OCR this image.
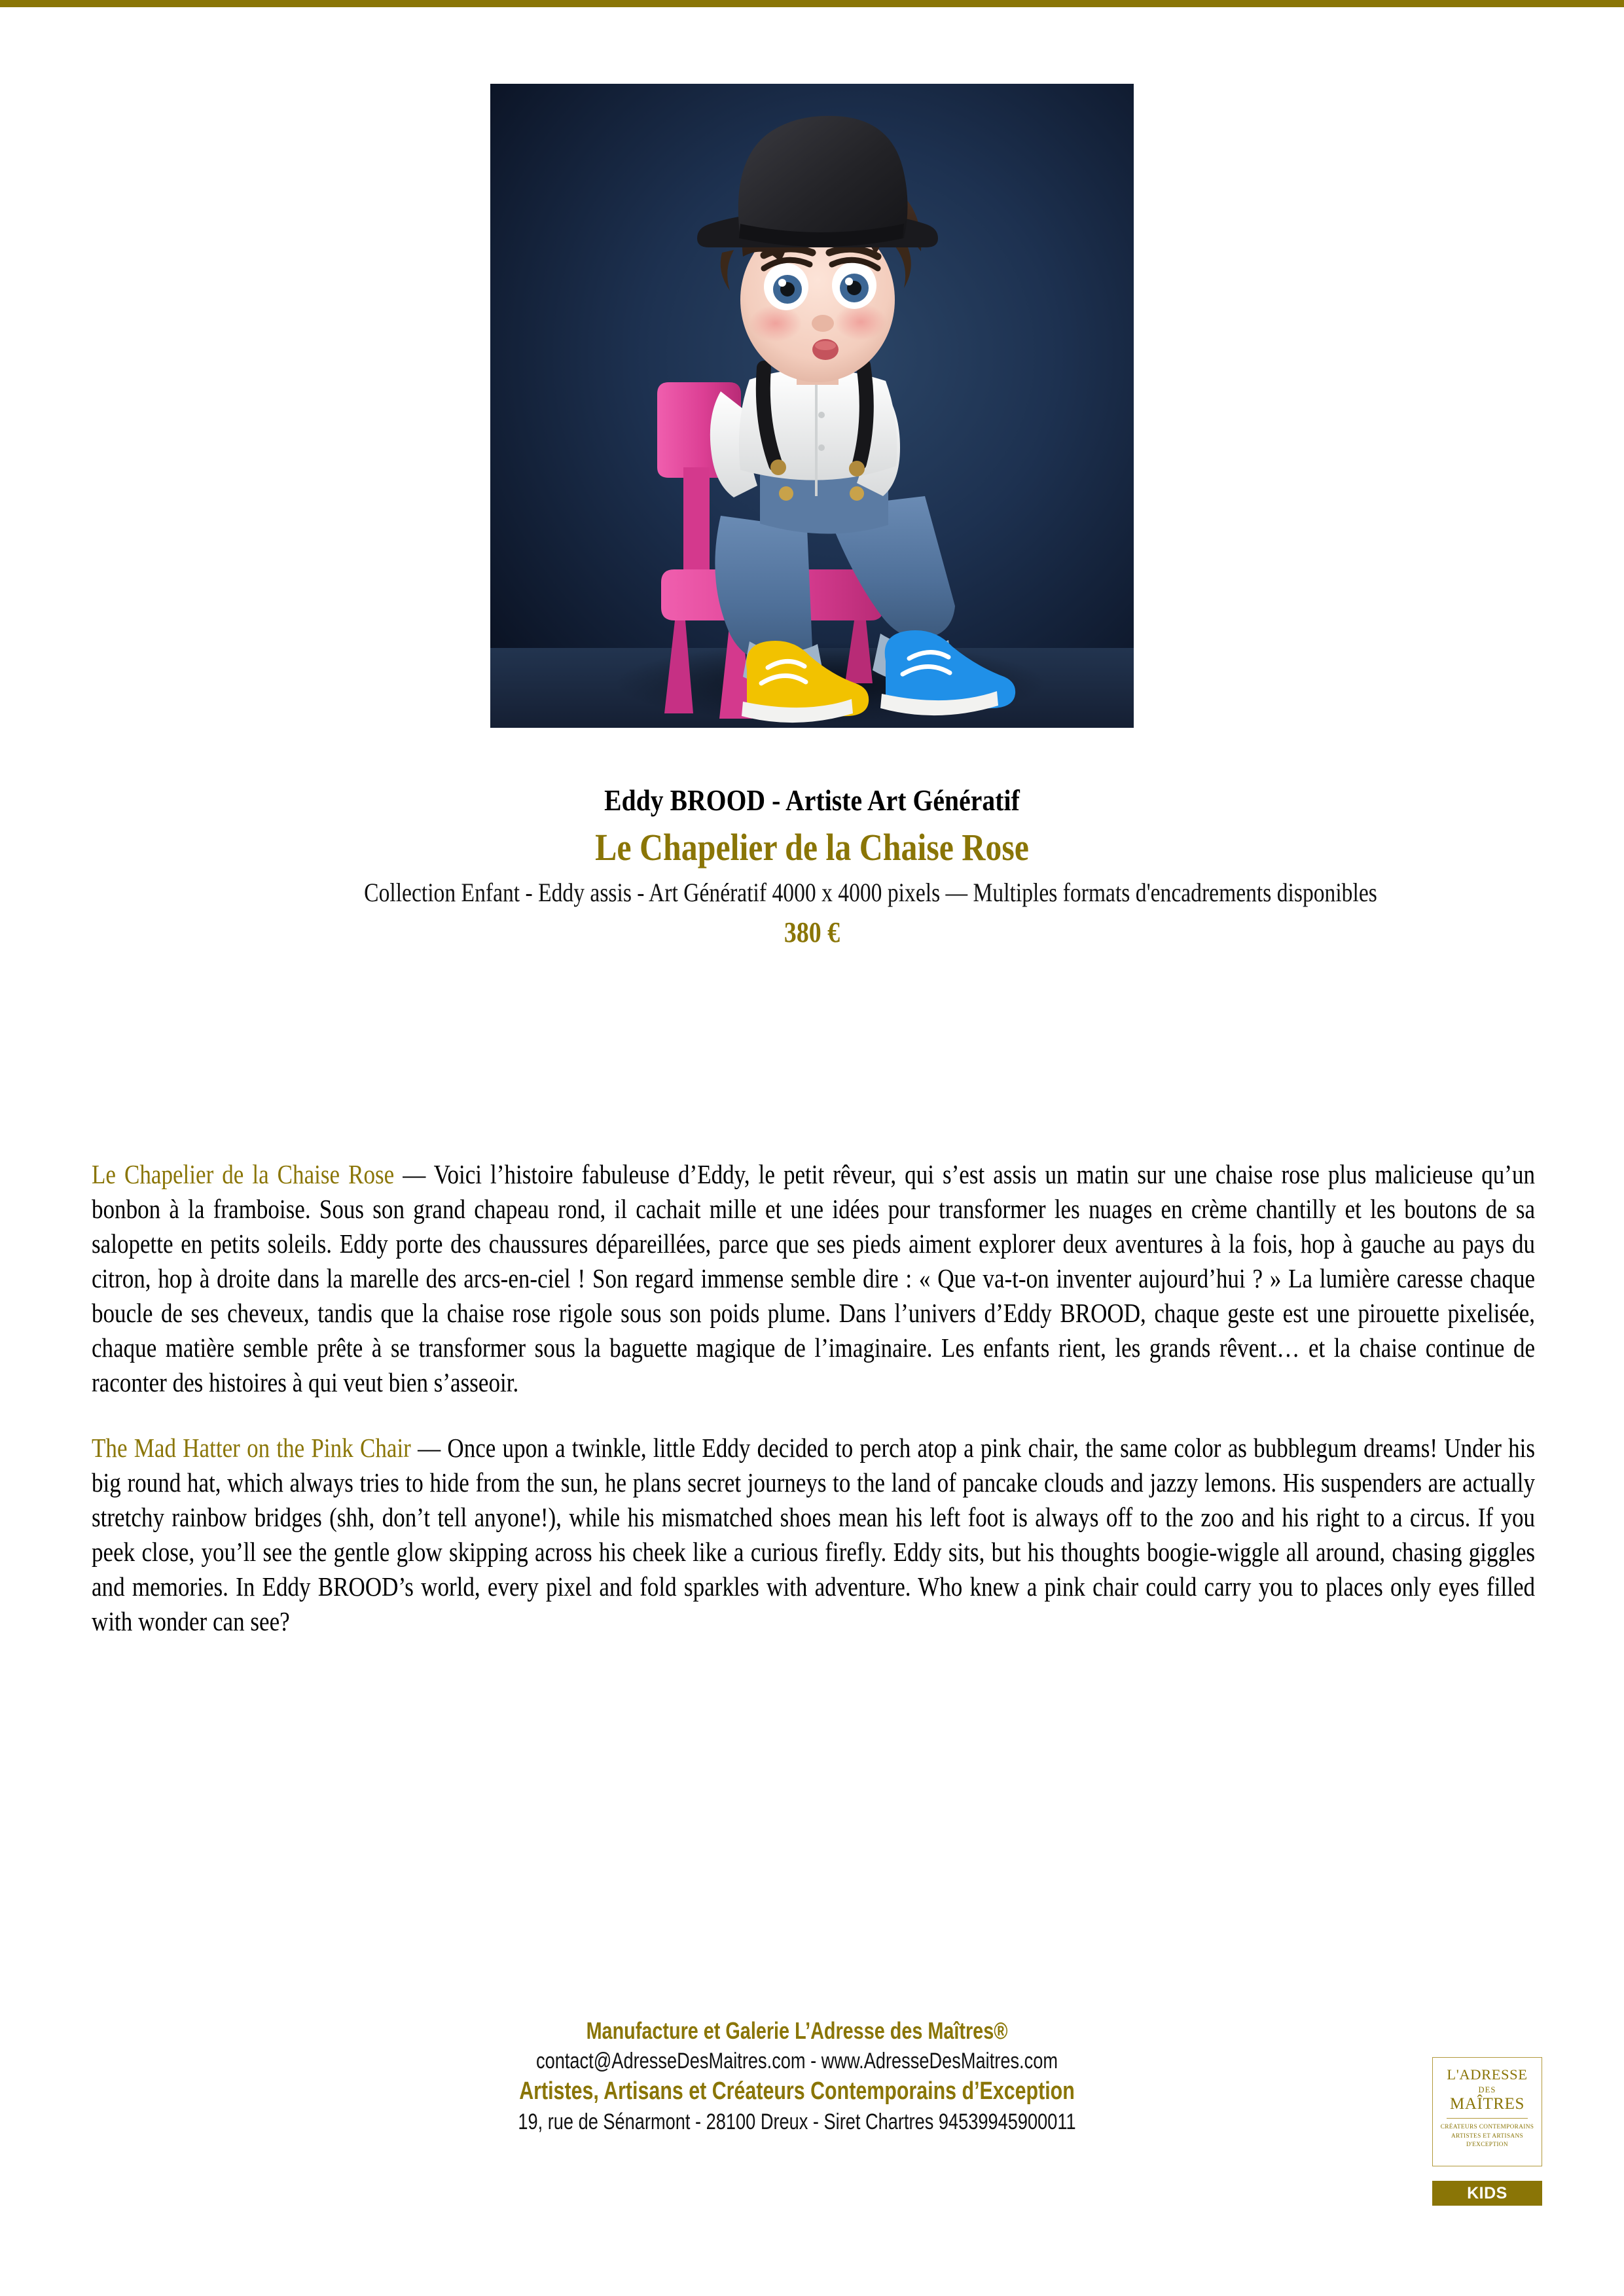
Eddy BROOD - Artiste Art Génératif
Le Chapelier de la Chaise Rose
Collection Enfant - Eddy assis - Art Génératif 4000 x 4000 pixels — Multiples formats d'encadrements disponibles
380 €

Le Chapelier de la Chaise Rose — Voici l’histoire fabuleuse d’Eddy, le petit rêveur, qui s’est assis un matin sur une chaise rose plus malicieuse qu’un bonbon à la framboise. Sous son grand chapeau rond, il cachait mille et une idées pour transformer les nuages en crème chantilly et les boutons de sa salopette en petits soleils. Eddy porte des chaussures dépareillées, parce que ses pieds aiment explorer deux aventures à la fois, hop à gauche au pays du citron, hop à droite dans la marelle des arcs-en-ciel ! Son regard immense semble dire : « Que va-t-on inventer aujourd’hui ? » La lumière caresse chaque boucle de ses cheveux, tandis que la chaise rose rigole sous son poids plume. Dans l’univers d’Eddy BROOD, chaque geste est une pirouette pixelisée, chaque matière semble prête à se transformer sous la baguette magique de l’imaginaire. Les enfants rient, les grands rêvent… et la chaise continue de raconter des histoires à qui veut bien s’asseoir.

The Mad Hatter on the Pink Chair — Once upon a twinkle, little Eddy decided to perch atop a pink chair, the same color as bubblegum dreams! Under his big round hat, which always tries to hide from the sun, he plans secret journeys to the land of pancake clouds and jazzy lemons. His suspenders are actually stretchy rainbow bridges (shh, don’t tell anyone!), while his mismatched shoes mean his left foot is always off to the zoo and his right to a circus. If you peek close, you’ll see the gentle glow skipping across his cheek like a curious firefly. Eddy sits, but his thoughts boogie-wiggle all around, chasing giggles and memories. In Eddy BROOD’s world, every pixel and fold sparkles with adventure. Who knew a pink chair could carry you to places only eyes filled with wonder can see?

Manufacture et Galerie L’Adresse des Maîtres®
contact@AdresseDesMaitres.com - www.AdresseDesMaitres.com
Artistes, Artisans et Créateurs Contemporains d’Exception
19, rue de Sénarmont - 28100 Dreux - Siret Chartres 94539945900011
L'ADRESSE
DES
MAÎTRES
CRÉATEURS CONTEMPORAINS
ARTISTES ET ARTISANS
D'EXCEPTION
KIDS
